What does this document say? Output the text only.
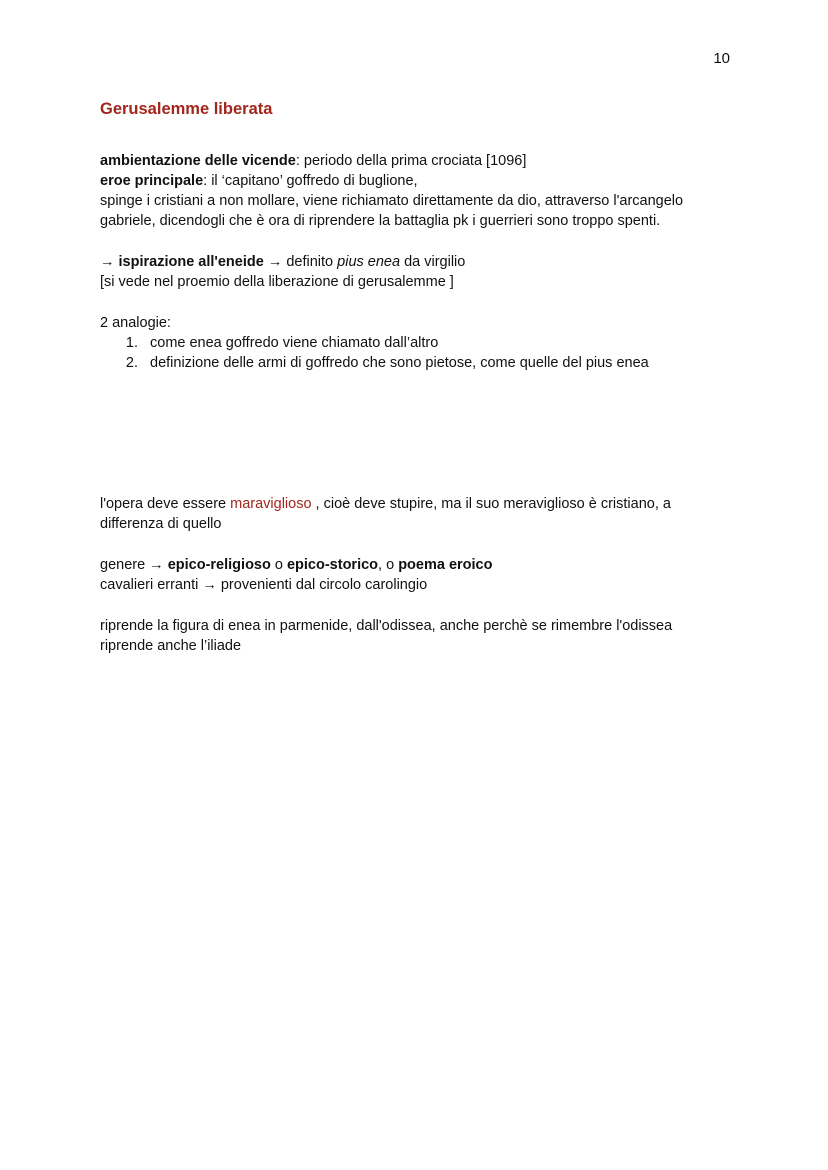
10
Gerusalemme liberata
ambientazione delle vicende: periodo della prima crociata [1096]
eroe principale: il ‘capitano’ goffredo di buglione,
spinge i cristiani a non mollare, viene richiamato direttamente da dio, attraverso l'arcangelo
gabriele, dicendogli che è ora di riprendere la battaglia pk i guerrieri sono troppo spenti.
→ ispirazione all'eneide → definito pius enea da virgilio
[si vede nel proemio della liberazione di gerusalemme ]
2 analogie:
1. come enea goffredo viene chiamato dall’altro
2. definizione delle armi di goffredo che sono pietose, come quelle del pius enea
l'opera deve essere maraviglioso , cioè deve stupire, ma il suo meraviglioso è cristiano, a
differenza di quello
genere → epico-religioso o epico-storico, o poema eroico
cavalieri erranti → provenienti dal circolo carolingio
riprende la figura di enea in parmenide, dall'odissea, anche perchè se rimembre l'odissea
riprende anche l’iliade
